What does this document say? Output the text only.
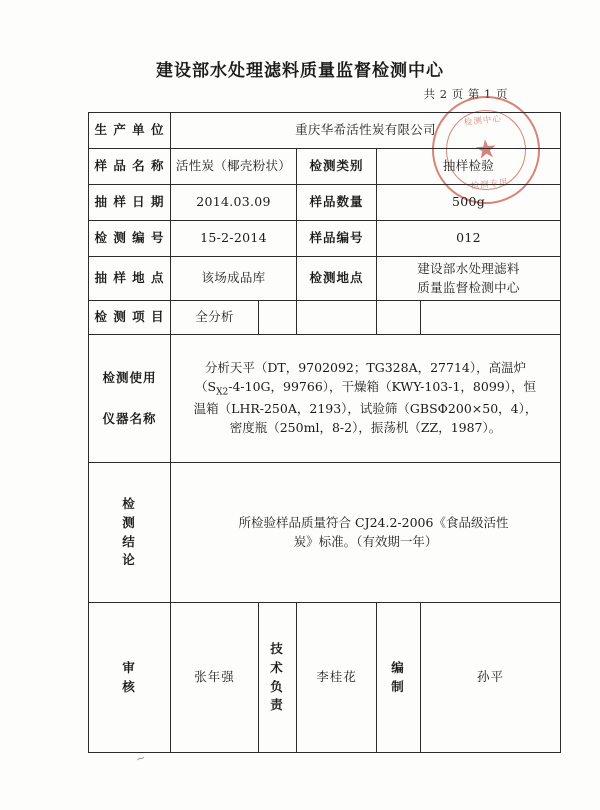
建设部水处理滤料质量监督检测中心
共 2 页 第 1 页
检测中心
★
检测专用
生 产 单 位	重庆华希活性炭有限公司				
样 品 名 称	活性炭（椰壳粉状）		检测类别	抽样检验	
抽 样 日 期	2014.03.09		样品数量	500g	
检 测 编 号	15-2-2014		样品编号	012	
抽 样 地 点	该场成品库		检测地点	建设部水处理滤料
质量监督检测中心	

检 测 项 目	全分析				

检测使用
仪器名称

分析天平（DT，9702092；TG328A，27714），高温炉
（$S_{X2}-4-10G$，99766），干燥箱（KWY-103-1，8099），恒
温箱（LHR-250A，2193），试验筛（GBSΦ200×50，4），
密度瓶（250ml，8-2），振荡机（ZZ，1987）。

检
测
结
论

所检验样品质量符合 CJ24.2-2006《食品级活性
炭》标准。（有效期一年）

审
核	张年强	技
术
负
责	李桂花	编
制	孙平
~
